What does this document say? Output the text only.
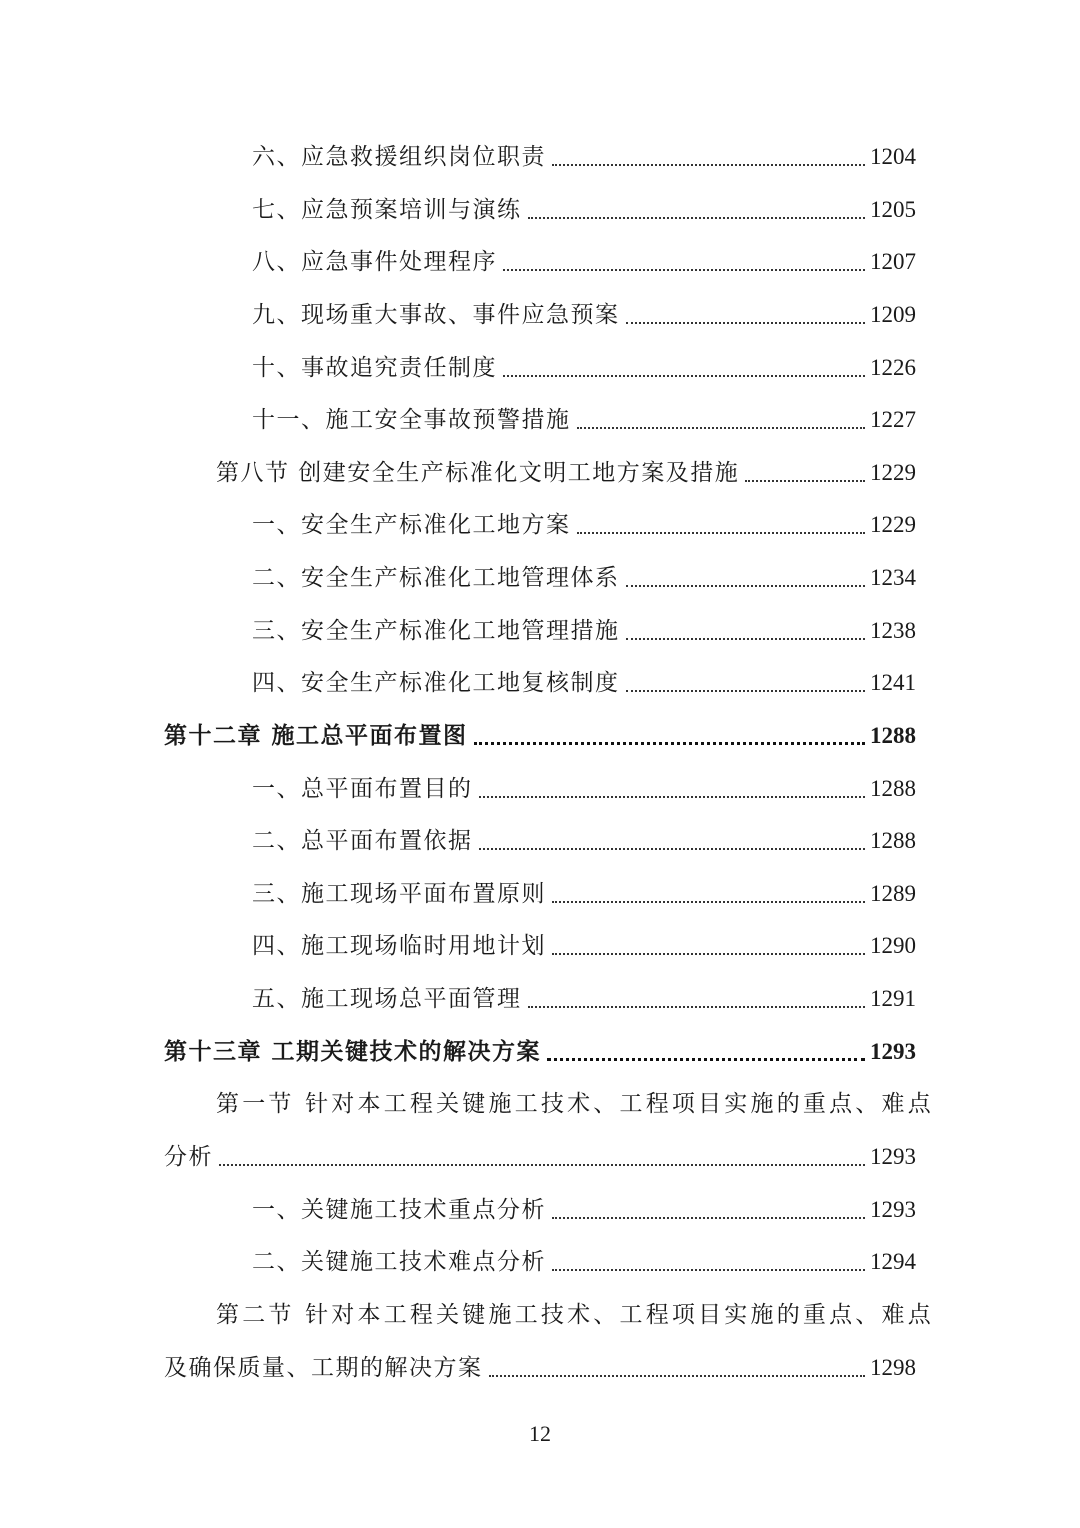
六、应急救援组织岗位职责	1204
七、应急预案培训与演练	1205
八、应急事件处理程序	1207
九、现场重大事故、事件应急预案	1209
十、事故追究责任制度	1226
十一、施工安全事故预警措施	1227
第八节 创建安全生产标准化文明工地方案及措施	1229
一、安全生产标准化工地方案	1229
二、安全生产标准化工地管理体系	1234
三、安全生产标准化工地管理措施	1238
四、安全生产标准化工地复核制度	1241
第十二章 施工总平面布置图	1288
一、总平面布置目的	1288
二、总平面布置依据	1288
三、施工现场平面布置原则	1289
四、施工现场临时用地计划	1290
五、施工现场总平面管理	1291
第十三章 工期关键技术的解决方案	1293
第一节 针对本工程关键施工技术、工程项目实施的重点、难点
分析	1293
一、关键施工技术重点分析	1293
二、关键施工技术难点分析	1294
第二节 针对本工程关键施工技术、工程项目实施的重点、难点
及确保质量、工期的解决方案	1298
12
